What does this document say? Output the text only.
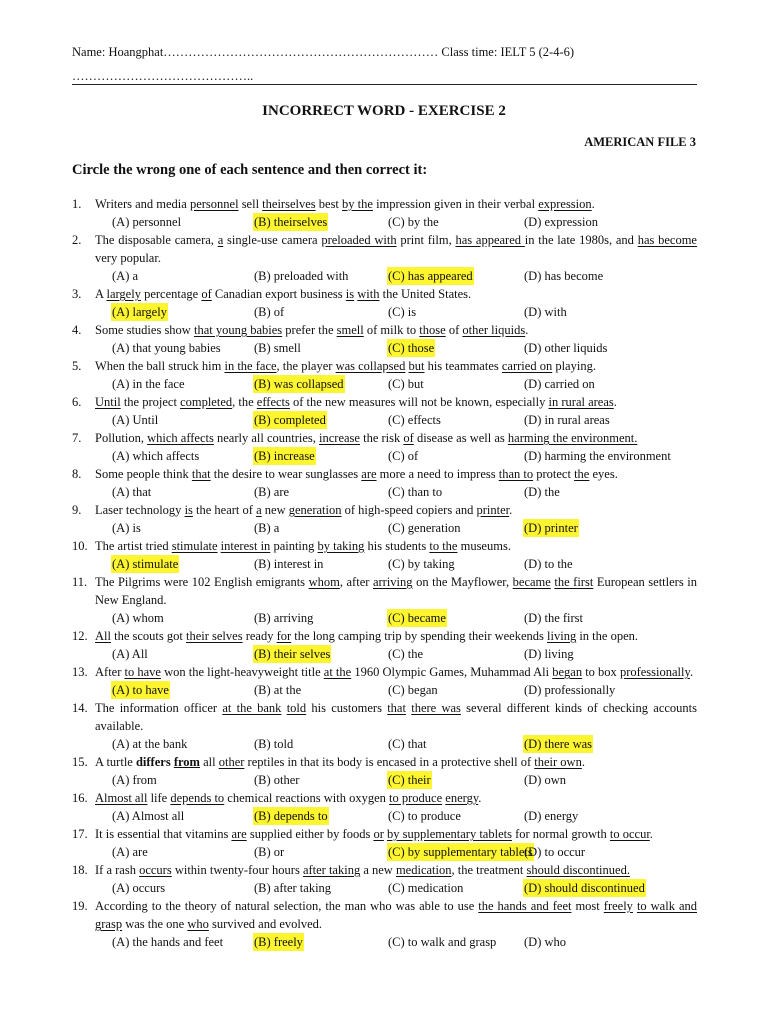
Name: Hoangphat………………………………………………………… Class time: IELT 5 (2-4-6)
……………………………………..
INCORRECT WORD - EXERCISE 2
AMERICAN FILE 3
Circle the wrong one of each sentence and then correct it:
1.	Writers and media personnel sell theirselves best by the impression given in their verbal expression.
(A) personnel	(B) theirselves	(C) by the	(D) expression
2.	The disposable camera, a single-use camera preloaded with print film, has appeared in the late 1980s, and has become very popular.
(A) a	(B) preloaded with	(C) has appeared	(D) has become
3.	A largely percentage of Canadian export business is with the United States.
(A) largely	(B) of	(C) is	(D) with
4.	Some studies show that young babies prefer the smell of milk to those of other liquids.
(A) that young babies	(B) smell	(C) those	(D) other liquids
5.	When the ball struck him in the face, the player was collapsed but his teammates carried on playing.
(A) in the face	(B) was collapsed	(C) but	(D) carried on
6.	Until the project completed, the effects of the new measures will not be known, especially in rural areas.
(A) Until	(B) completed	(C) effects	(D) in rural areas
7.	Pollution, which affects nearly all countries, increase the risk of disease as well as harming the environment.
(A) which affects	(B) increase	(C) of	(D) harming the environment
8.	Some people think that the desire to wear sunglasses are more a need to impress than to protect the eyes.
(A) that	(B) are	(C) than to	(D) the
9.	Laser technology is the heart of a new generation of high-speed copiers and printer.
(A) is	(B) a	(C) generation	(D) printer
10. The artist tried stimulate interest in painting by taking his students to the museums.
(A) stimulate	(B) interest in	(C) by taking	(D) to the
11. The Pilgrims were 102 English emigrants whom, after arriving on the Mayflower, became the first European settlers in New England.
(A) whom	(B) arriving	(C) became	(D) the first
12. All the scouts got their selves ready for the long camping trip by spending their weekends living in the open.
(A) All	(B) their selves	(C) the	(D) living
13. After to have won the light-heavyweight title at the 1960 Olympic Games, Muhammad Ali began to box professionally.
(A) to have	(B) at the	(C) began	(D) professionally
14. The information officer at the bank told his customers that there was several different kinds of checking accounts available.
(A) at the bank	(B) told	(C) that	(D) there was
15. A turtle differs from all other reptiles in that its body is encased in a protective shell of their own.
(A) from	(B) other	(C) their	(D) own
16. Almost all life depends to chemical reactions with oxygen to produce energy.
(A) Almost all	(B) depends to	(C) to produce	(D) energy
17. It is essential that vitamins are supplied either by foods or by supplementary tablets for normal growth to occur.
(A) are	(B) or	(C) by supplementary tablets
(D) to occur
18. If a rash occurs within twenty-four hours after taking a new medication, the treatment should discontinued.
(A) occurs	(B) after taking	(C) medication	(D) should discontinued
19. According to the theory of natural selection, the man who was able to use the hands and feet most freely to walk and grasp was the one who survived and evolved.
(A) the hands and feet (B) freely	(C) to walk and grasp (D) who
